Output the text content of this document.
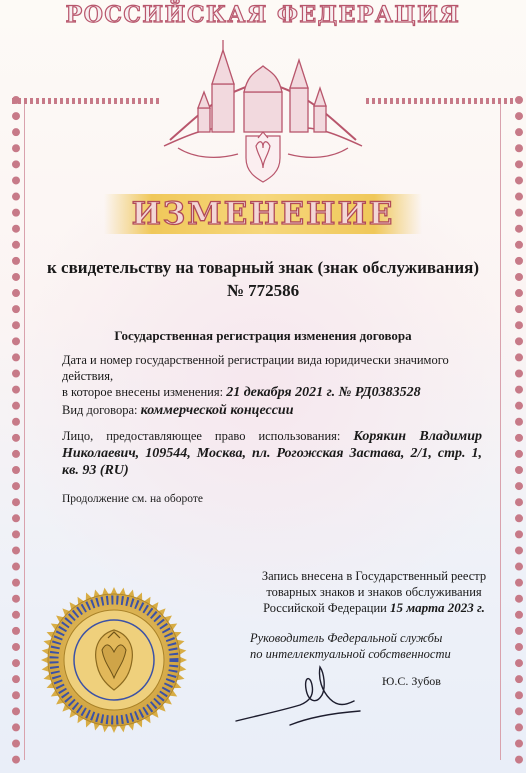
РОССИЙСКАЯ ФЕДЕРАЦИЯ
ИЗМЕНЕНИЕ
к свидетельству на товарный знак (знак обслуживания)
№ 772586
Государственная регистрация изменения договора
Дата и номер государственной регистрации вида юридически значимого действия,
в которое внесены изменения: 21 декабря 2021 г. № РД0383528
Вид договора: коммерческой концессии
Лицо, предоставляющее право использования: Корякин Владимир Николаевич, 109544, Москва, пл. Рогожская Застава, 2/1, стр. 1, кв. 93 (RU)
Продолжение см. на обороте
Запись внесена в Государственный реестр
товарных знаков и знаков обслуживания
Российской Федерации 15 марта 2023 г.
Руководитель Федеральной службы
по интеллектуальной собственности
Ю.С. Зубов
